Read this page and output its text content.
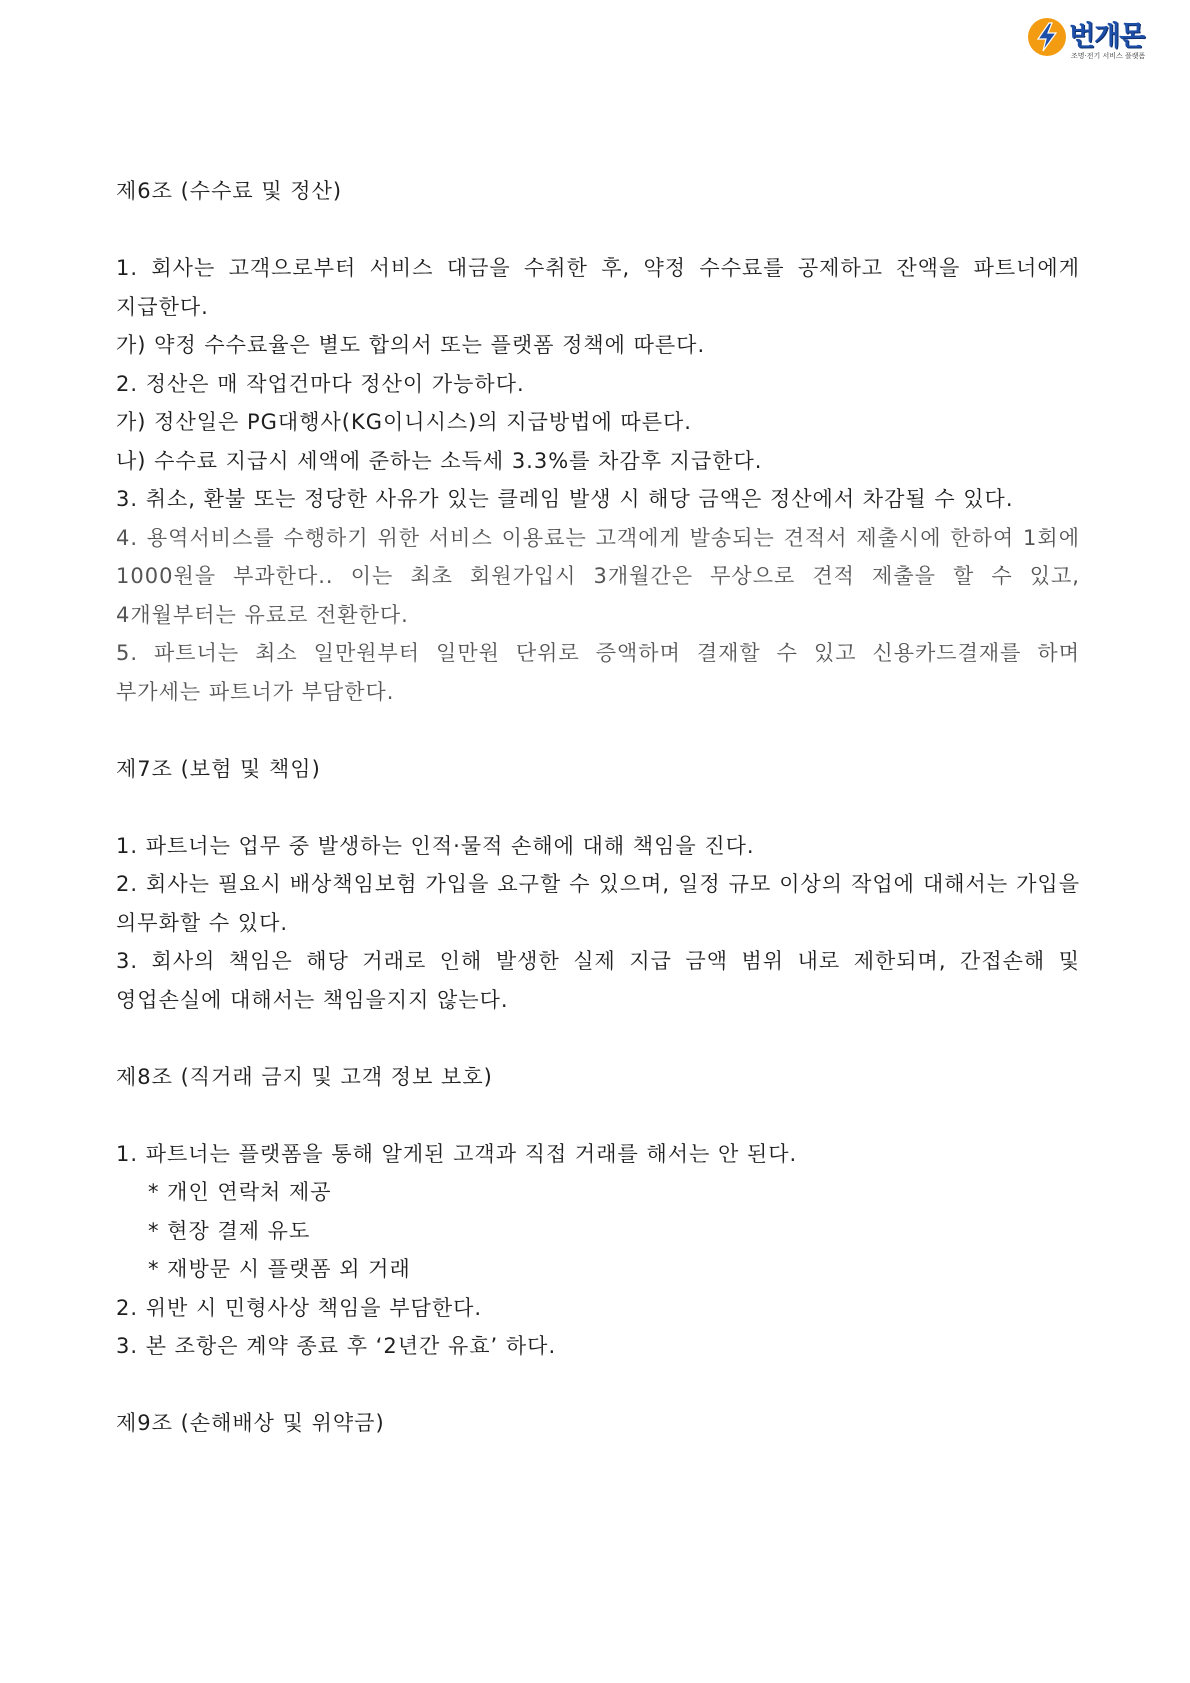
번개몬
조명·전기 서비스 플랫폼

제6조 (수수료 및 정산)

1. 회사는 고객으로부터 서비스 대금을 수취한 후, 약정 수수료를 공제하고 잔액을 파트너에게 지급한다.

가) 약정 수수료율은 별도 합의서 또는 플랫폼 정책에 따른다.

2. 정산은 매 작업건마다 정산이 가능하다.

가) 정산일은 PG대행사(KG이니시스)의 지급방법에 따른다.

나) 수수료 지급시 세액에 준하는 소득세 3.3%를 차감후 지급한다.

3. 취소, 환불 또는 정당한 사유가 있는 클레임 발생 시 해당 금액은 정산에서 차감될 수 있다.

4. 용역서비스를 수행하기 위한 서비스 이용료는 고객에게 발송되는 견적서 제출시에 한하여 1회에 1000원을 부과한다.. 이는 최초 회원가입시 3개월간은 무상으로 견적 제출을 할 수 있고, 4개월부터는 유료로 전환한다.

5. 파트너는 최소 일만원부터 일만원 단위로 증액하며 결재할 수 있고 신용카드결재를 하며 부가세는 파트너가 부담한다.

제7조 (보험 및 책임)

1. 파트너는 업무 중 발생하는 인적·물적 손해에 대해 책임을 진다.

2. 회사는 필요시 배상책임보험 가입을 요구할 수 있으며, 일정 규모 이상의 작업에 대해서는 가입을 의무화할 수 있다.

3. 회사의 책임은 해당 거래로 인해 발생한 실제 지급 금액 범위 내로 제한되며, 간접손해 및 영업손실에 대해서는 책임을지지 않는다.

제8조 (직거래 금지 및 고객 정보 보호)

1. 파트너는 플랫폼을 통해 알게된 고객과 직접 거래를 해서는 안 된다.

* 개인 연락처 제공

* 현장 결제 유도

* 재방문 시 플랫폼 외 거래

2. 위반 시 민형사상 책임을 부담한다.

3. 본 조항은 계약 종료 후 ‘2년간 유효’ 하다.

제9조 (손해배상 및 위약금)
